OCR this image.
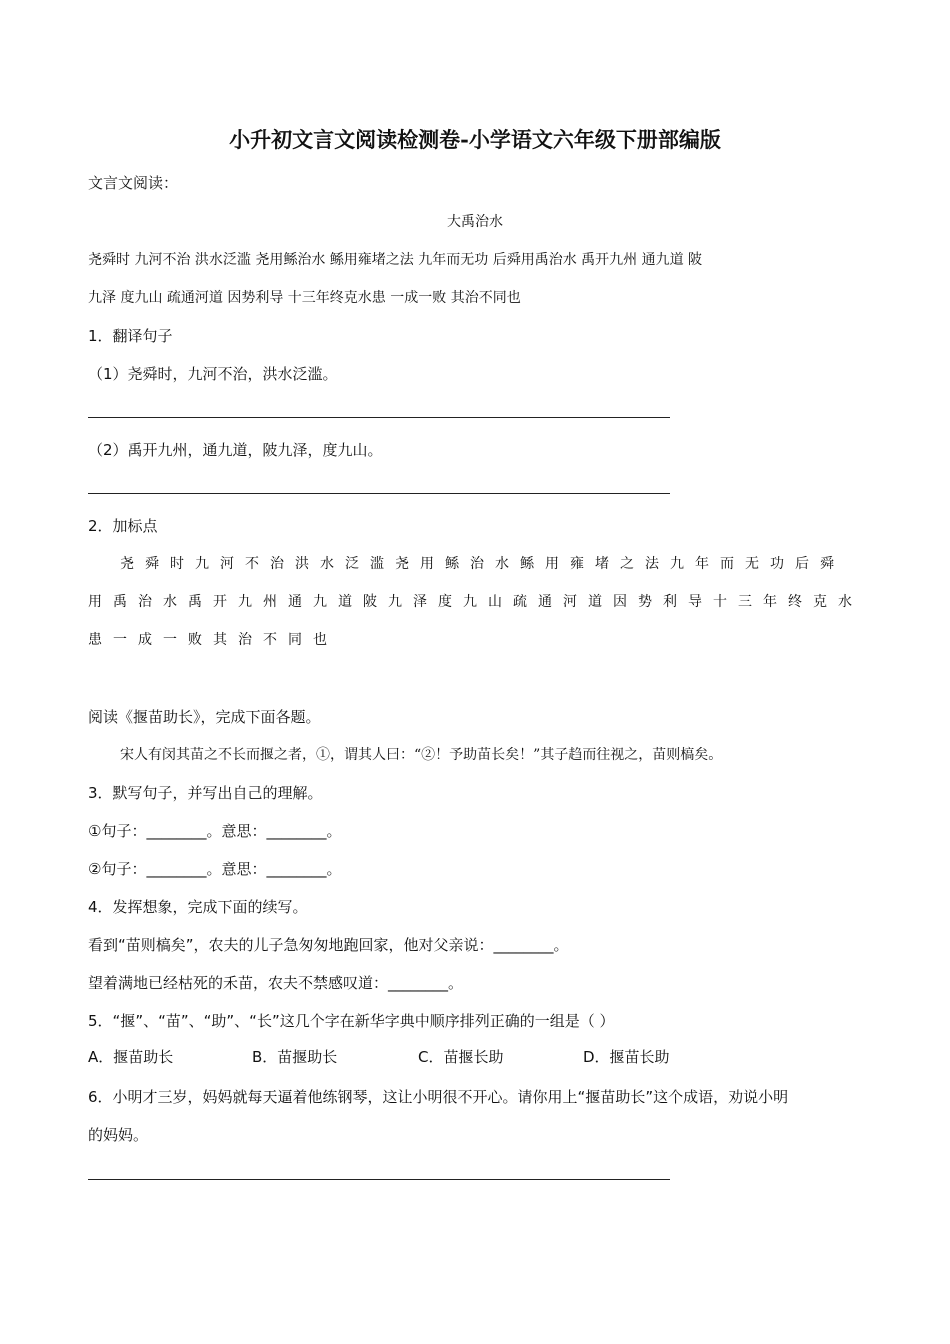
小升初文言文阅读检测卷-小学语文六年级下册部编版

文言文阅读：

大禹治水

尧舜时 九河不治 洪水泛滥 尧用鲧治水 鲧用雍堵之法 九年而无功 后舜用禹治水 禹开九州 通九道 陂

九泽 度九山 疏通河道 因势利导 十三年终克水患 一成一败 其治不同也

1．翻译句子

（1）尧舜时，九河不治，洪水泛滥。

（2）禹开九州，通九道，陂九泽，度九山。

2．加标点

尧舜时九河不治洪水泛滥尧用鲧治水鲧用雍堵之法九年而无功后舜

用禹治水禹开九州通九道陂九泽度九山疏通河道因势利导十三年终克水

患一成一败其治不同也

阅读《揠苗助长》，完成下面各题。

宋人有闵其苗之不长而揠之者，①，谓其人曰：“②！予助苗长矣！”其子趋而往视之，苗则槁矣。

3．默写句子，并写出自己的理解。

①句子：________。意思：________。

②句子：________。意思：________。

4．发挥想象，完成下面的续写。

看到“苗则槁矣”，农夫的儿子急匆匆地跑回家，他对父亲说：________。

望着满地已经枯死的禾苗，农夫不禁感叹道：________。

5．“揠”、“苗”、“助”、“长”这几个字在新华字典中顺序排列正确的一组是（ ）

A．揠苗助长	B．苗揠助长	C．苗揠长助	D．揠苗长助

6．小明才三岁，妈妈就每天逼着他练钢琴，这让小明很不开心。请你用上“揠苗助长”这个成语，劝说小明

的妈妈。
